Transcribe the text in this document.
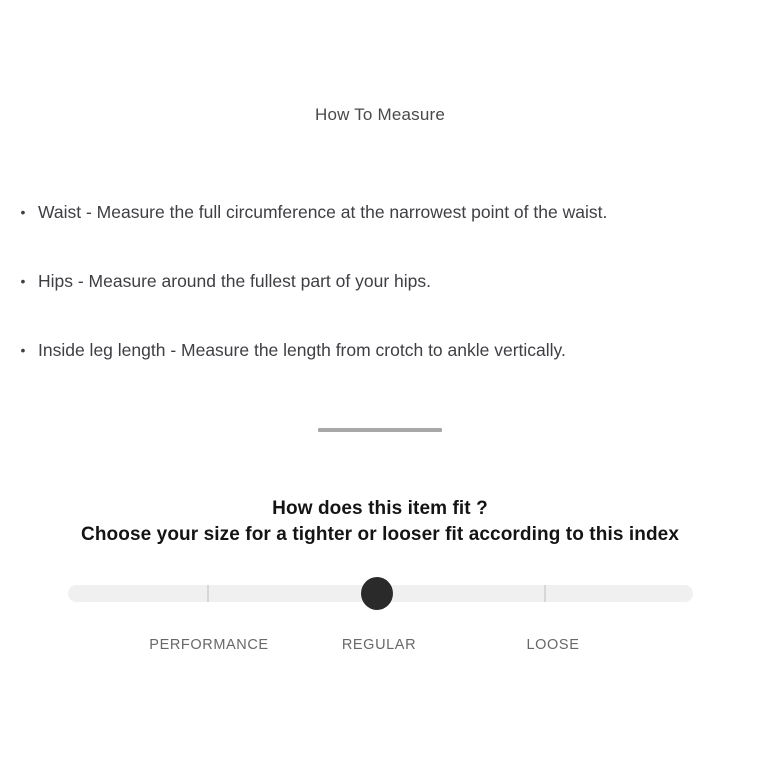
How To Measure
• Waist - Measure the full circumference at the narrowest point of the waist.
• Hips - Measure around the fullest part of your hips.
• Inside leg length - Measure the length from crotch to ankle vertically.
How does this item fit ?
Choose your size for a tighter or looser fit according to this index
PERFORMANCE	REGULAR	LOOSE
